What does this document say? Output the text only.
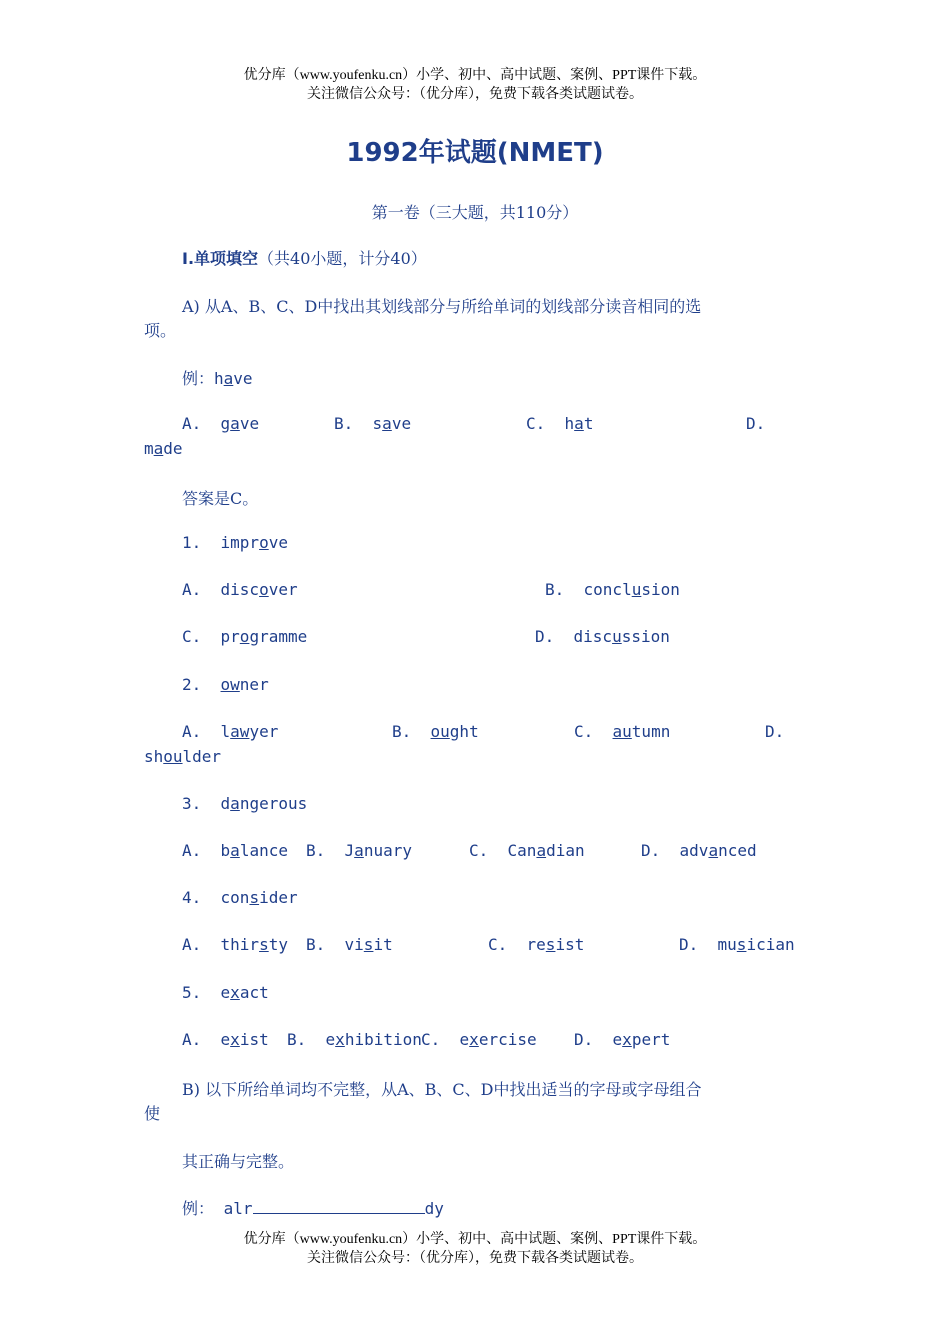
优分库（www.youfenku.cn）小学、初中、高中试题、案例、PPT课件下载。
关注微信公众号：（优分库），免费下载各类试题试卷。
1992年试题(NMET)
第一卷（三大题，共110分）
Ⅰ.单项填空（共40小题，计分40）
A) 从A、B、C、D中找出其划线部分与所给单词的划线部分读音相同的选
项。
例：have
A. gave	B. save	C. hat	D.
made
答案是C。
1. improve
A. discover	B. conclusion
C. programme	D. discussion
2. owner
A. lawyer	B. ought	C. autumn	D.
shoulder
3. dangerous
A. balance B. January	C. Canadian	D. advanced
4. consider
A. thirsty B. visit	C. resist	D. musician
5. exact
A. exist B. exhibition C. exercise D. expert
B) 以下所给单词均不完整，从A、B、C、D中找出适当的字母或字母组合
使
其正确与完整。
例： alr	dy
优分库（www.youfenku.cn）小学、初中、高中试题、案例、PPT课件下载。
关注微信公众号：（优分库），免费下载各类试题试卷。
